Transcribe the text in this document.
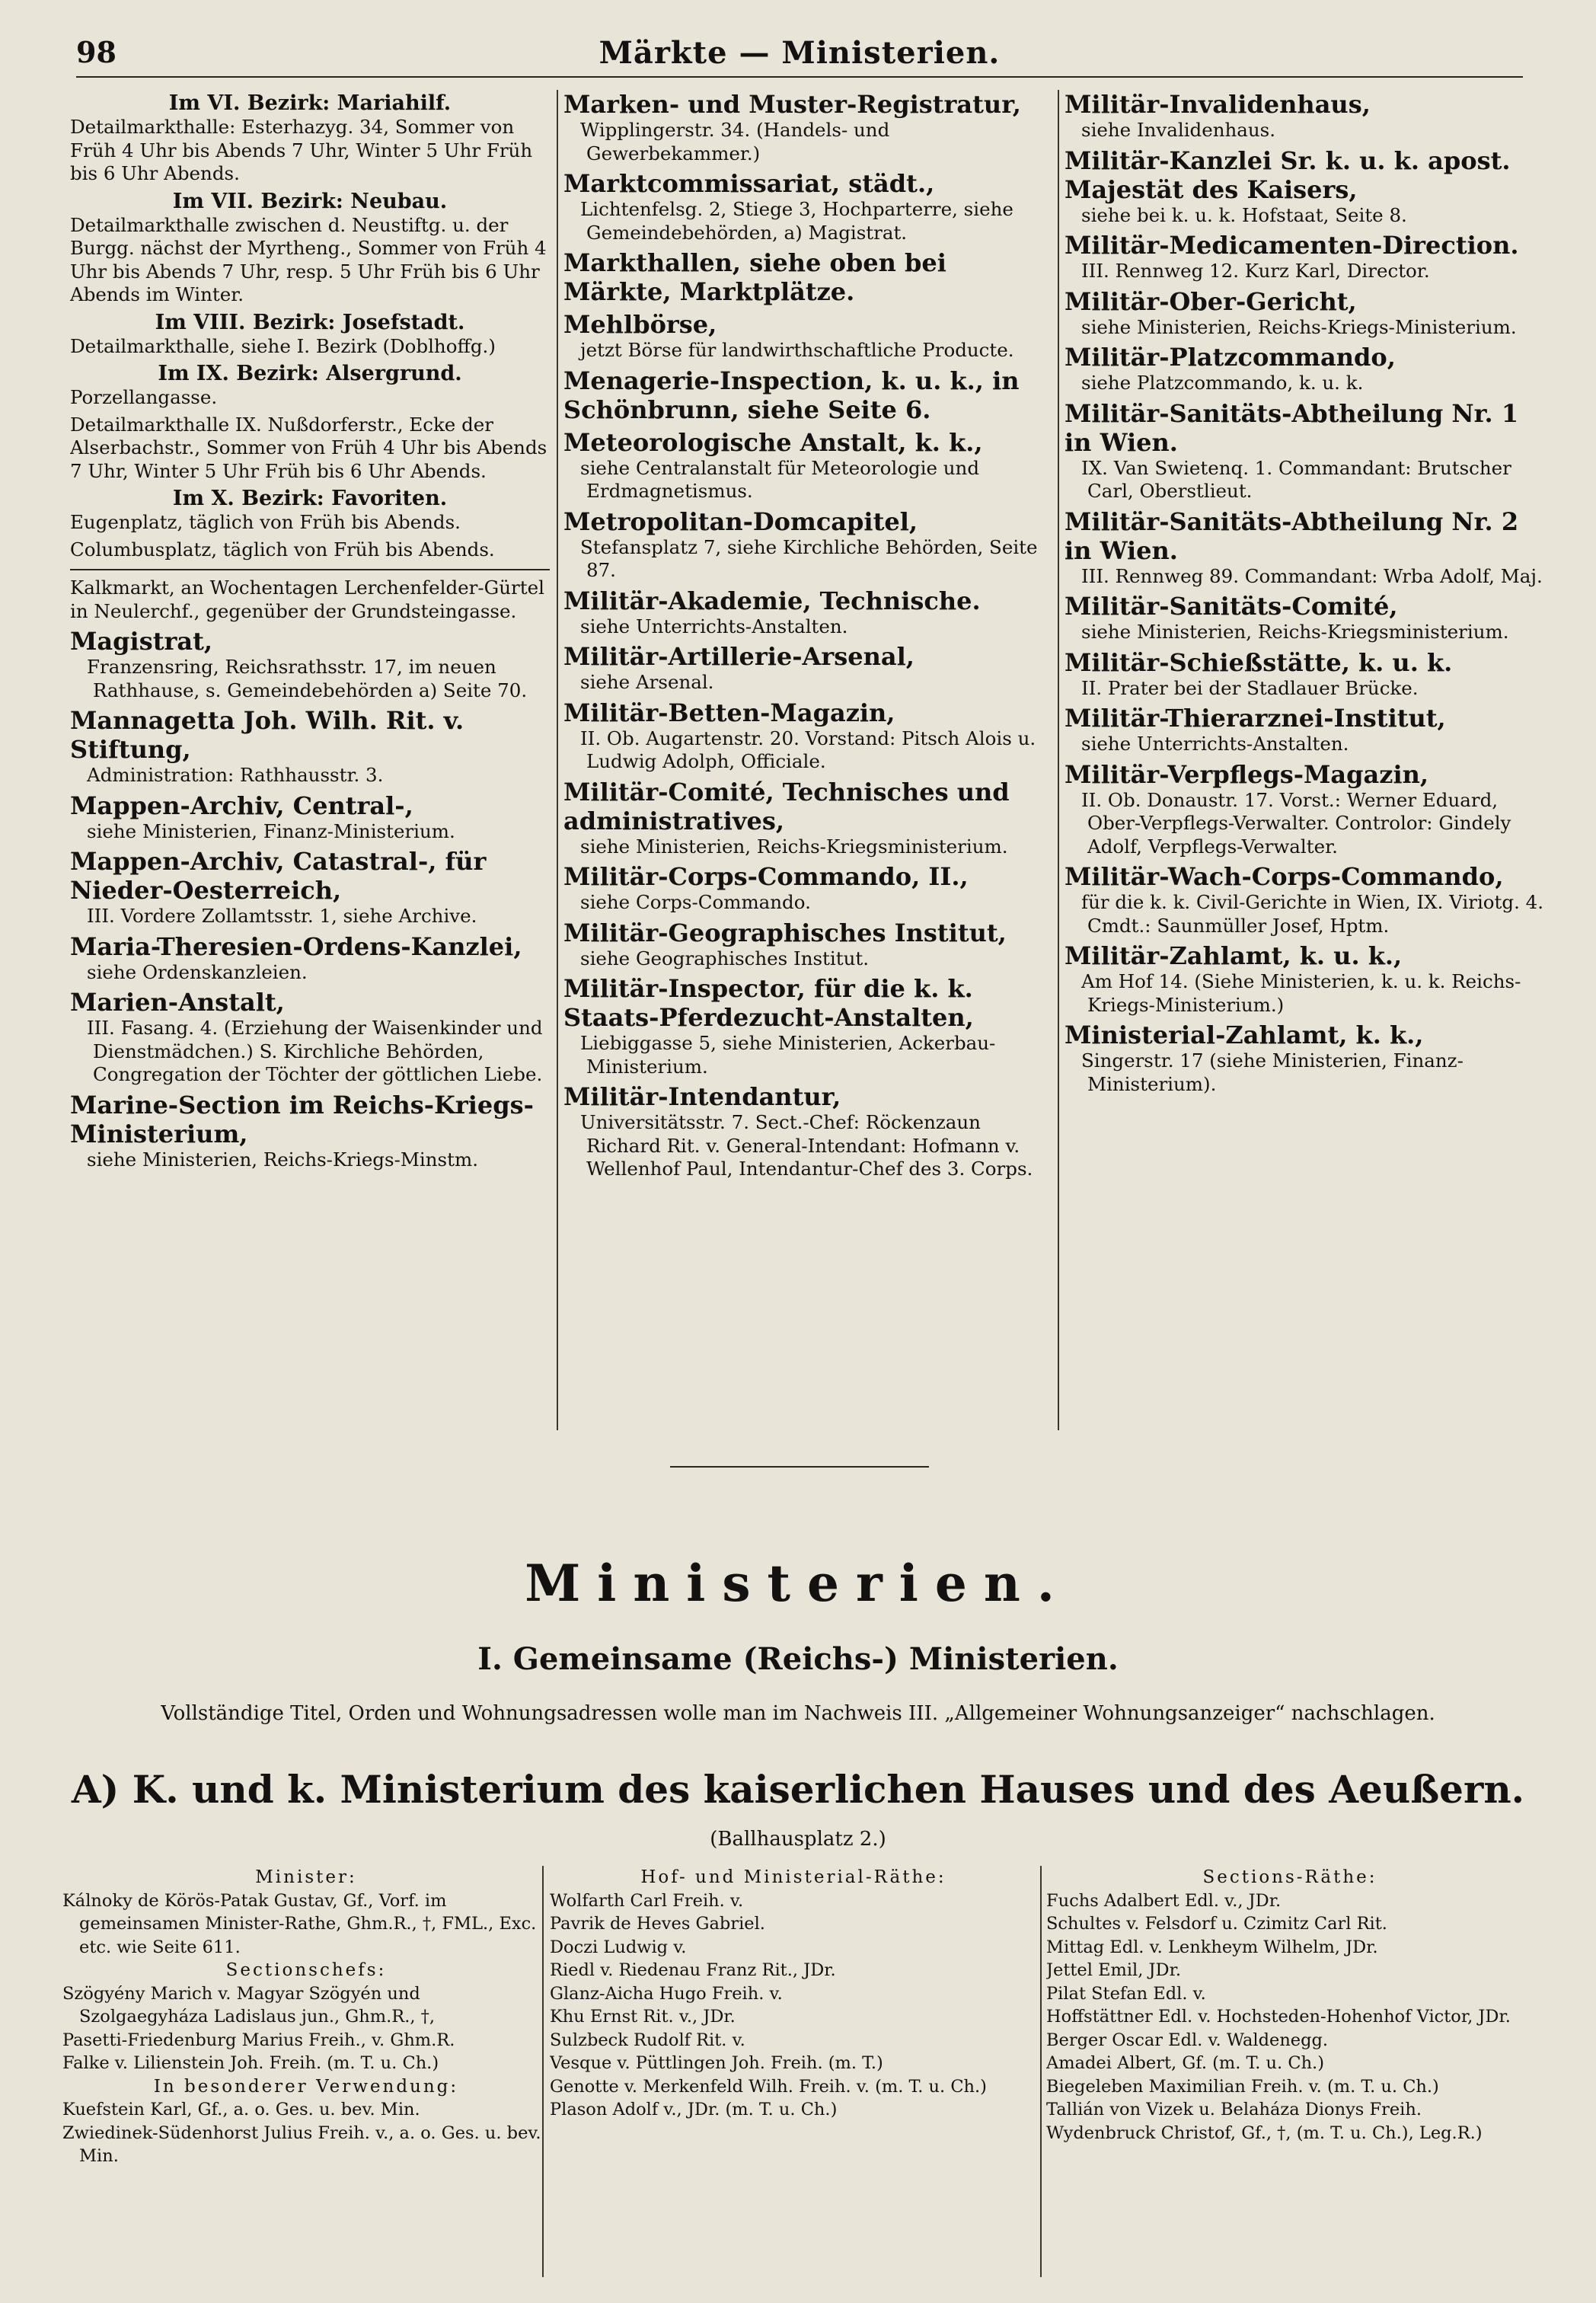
98	Märkte — Ministerien.
Im VI. Bezirk: Mariahilf.
Detailmarkthalle: Esterhazyg. 34, Sommer von Früh 4 Uhr bis Abends 7 Uhr, Winter 5 Uhr Früh bis 6 Uhr Abends.
Im VII. Bezirk: Neubau.
Detailmarkthalle zwischen d. Neustiftg. u. der Burgg. nächst der Myrtheng., Sommer von Früh 4 Uhr bis Abends 7 Uhr, resp. 5 Uhr Früh bis 6 Uhr Abends im Winter.
Im VIII. Bezirk: Josefstadt.
Detailmarkthalle, siehe I. Bezirk (Doblhoffg.)
Im IX. Bezirk: Alsergrund.
Porzellangasse.
Detailmarkthalle IX. Nußdorferstr., Ecke der Alserbachstr., Sommer von Früh 4 Uhr bis Abends 7 Uhr, Winter 5 Uhr Früh bis 6 Uhr Abends.
Im X. Bezirk: Favoriten.
Eugenplatz, täglich von Früh bis Abends.
Columbusplatz, täglich von Früh bis Abends.
Kalkmarkt, an Wochentagen Lerchenfelder-Gürtel in Neulerchf., gegenüber der Grundsteingasse.
Magistrat,
Franzensring, Reichsrathsstr. 17, im neuen Rathhause, s. Gemeindebehörden a) Seite 70.
Mannagetta Joh. Wilh. Rit. v. Stiftung,
Administration: Rathhausstr. 3.
Mappen-Archiv, Central-,
siehe Ministerien, Finanz-Ministerium.
Mappen-Archiv, Catastral-, für Nieder-Oesterreich,
III. Vordere Zollamtsstr. 1, siehe Archive.
Maria-Theresien-Ordens-Kanzlei,
siehe Ordenskanzleien.
Marien-Anstalt,
III. Fasang. 4. (Erziehung der Waisenkinder und Dienstmädchen.) S. Kirchliche Behörden, Congregation der Töchter der göttlichen Liebe.
Marine-Section im Reichs-Kriegs-Ministerium,
siehe Ministerien, Reichs-Kriegs-Minstm.
Marken- und Muster-Registratur,
Wipplingerstr. 34. (Handels- und Gewerbekammer.)
Marktcommissariat, städt.,
Lichtenfelsg. 2, Stiege 3, Hochparterre, siehe Gemeindebehörden, a) Magistrat.
Markthallen, siehe oben bei Märkte, Marktplätze.
Mehlbörse,
jetzt Börse für landwirthschaftliche Producte.
Menagerie-Inspection, k. u. k., in Schönbrunn, siehe Seite 6.
Meteorologische Anstalt, k. k.,
siehe Centralanstalt für Meteorologie und Erdmagnetismus.
Metropolitan-Domcapitel,
Stefansplatz 7, siehe Kirchliche Behörden, Seite 87.
Militär-Akademie, Technische.
siehe Unterrichts-Anstalten.
Militär-Artillerie-Arsenal,
siehe Arsenal.
Militär-Betten-Magazin,
II. Ob. Augartenstr. 20. Vorstand: Pitsch Alois u. Ludwig Adolph, Officiale.
Militär-Comité, Technisches und administratives,
siehe Ministerien, Reichs-Kriegsministerium.
Militär-Corps-Commando, II.,
siehe Corps-Commando.
Militär-Geographisches Institut,
siehe Geographisches Institut.
Militär-Inspector, für die k. k. Staats-Pferdezucht-Anstalten,
Liebiggasse 5, siehe Ministerien, Ackerbau-Ministerium.
Militär-Intendantur,
Universitätsstr. 7. Sect.-Chef: Röckenzaun Richard Rit. v. General-Intendant: Hofmann v. Wellenhof Paul, Intendantur-Chef des 3. Corps.
Militär-Invalidenhaus,
siehe Invalidenhaus.
Militär-Kanzlei Sr. k. u. k. apost. Majestät des Kaisers,
siehe bei k. u. k. Hofstaat, Seite 8.
Militär-Medicamenten-Direction.
III. Rennweg 12. Kurz Karl, Director.
Militär-Ober-Gericht,
siehe Ministerien, Reichs-Kriegs-Ministerium.
Militär-Platzcommando,
siehe Platzcommando, k. u. k.
Militär-Sanitäts-Abtheilung Nr. 1 in Wien.
IX. Van Swietenq. 1. Commandant: Brutscher Carl, Oberstlieut.
Militär-Sanitäts-Abtheilung Nr. 2 in Wien.
III. Rennweg 89. Commandant: Wrba Adolf, Maj.
Militär-Sanitäts-Comité,
siehe Ministerien, Reichs-Kriegsministerium.
Militär-Schießstätte, k. u. k.
II. Prater bei der Stadlauer Brücke.
Militär-Thierarznei-Institut,
siehe Unterrichts-Anstalten.
Militär-Verpflegs-Magazin,
II. Ob. Donaustr. 17. Vorst.: Werner Eduard, Ober-Verpflegs-Verwalter. Controlor: Gindely Adolf, Verpflegs-Verwalter.
Militär-Wach-Corps-Commando,
für die k. k. Civil-Gerichte in Wien, IX. Viriotg. 4. Cmdt.: Saunmüller Josef, Hptm.
Militär-Zahlamt, k. u. k.,
Am Hof 14. (Siehe Ministerien, k. u. k. Reichs-Kriegs-Ministerium.)
Ministerial-Zahlamt, k. k.,
Singerstr. 17 (siehe Ministerien, Finanz-Ministerium).
Ministerien.
I. Gemeinsame (Reichs-) Ministerien.
Vollständige Titel, Orden und Wohnungsadressen wolle man im Nachweis III. „Allgemeiner Wohnungsanzeiger“ nachschlagen.
A) K. und k. Ministerium des kaiserlichen Hauses und des Aeußern.
(Ballhausplatz 2.)
Minister:
Kálnoky de Körös-Patak Gustav, Gf., Vorf. im gemeinsamen Minister-Rathe, Ghm.R., †, FML., Exc. etc. wie Seite 611.
Sectionschefs:
Szögyény Marich v. Magyar Szögyén und Szolgaegyháza Ladislaus jun., Ghm.R., †,
Pasetti-Friedenburg Marius Freih., v. Ghm.R.
Falke v. Lilienstein Joh. Freih. (m. T. u. Ch.)
In besonderer Verwendung:
Kuefstein Karl, Gf., a. o. Ges. u. bev. Min.
Zwiedinek-Südenhorst Julius Freih. v., a. o. Ges. u. bev. Min.
Hof- und Ministerial-Räthe:
Wolfarth Carl Freih. v.
Pavrik de Heves Gabriel.
Doczi Ludwig v.
Riedl v. Riedenau Franz Rit., JDr.
Glanz-Aicha Hugo Freih. v.
Khu Ernst Rit. v., JDr.
Sulzbeck Rudolf Rit. v.
Vesque v. Püttlingen Joh. Freih. (m. T.)
Genotte v. Merkenfeld Wilh. Freih. v. (m. T. u. Ch.)
Plason Adolf v., JDr. (m. T. u. Ch.)
Sections-Räthe:
Fuchs Adalbert Edl. v., JDr.
Schultes v. Felsdorf u. Czimitz Carl Rit.
Mittag Edl. v. Lenkheym Wilhelm, JDr.
Jettel Emil, JDr.
Pilat Stefan Edl. v.
Hoffstättner Edl. v. Hochsteden-Hohenhof Victor, JDr.
Berger Oscar Edl. v. Waldenegg.
Amadei Albert, Gf. (m. T. u. Ch.)
Biegeleben Maximilian Freih. v. (m. T. u. Ch.)
Tallián von Vizek u. Belaháza Dionys Freih.
Wydenbruck Christof, Gf., †, (m. T. u. Ch.), Leg.R.)
